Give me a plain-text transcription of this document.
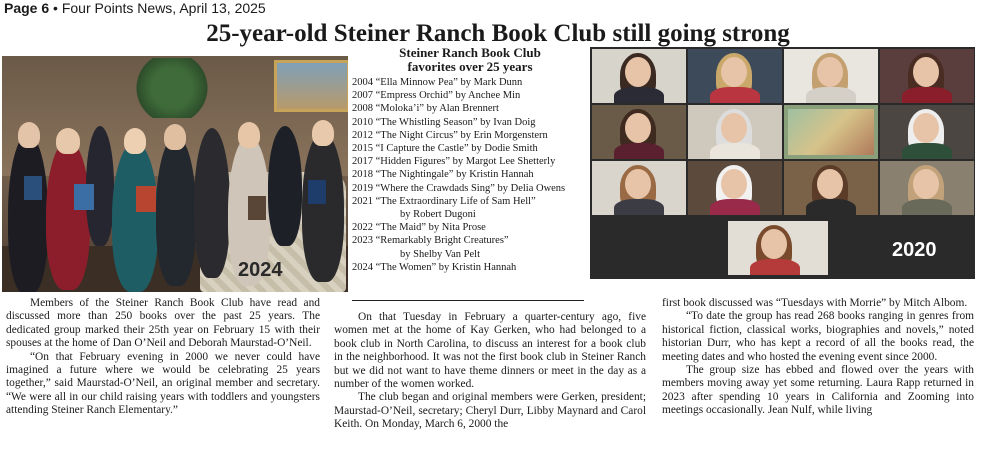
Page 6 • Four Points News, April 13, 2025
25-year-old Steiner Ranch Book Club still going strong
2024
2020
Steiner Ranch Book Club
favorites over 25 years
2004 “Ella Minnow Pea” by Mark Dunn
2007 “Empress Orchid” by Anchee Min
2008 “Moloka’i” by Alan Brennert
2010 “The Whistling Season” by Ivan Doig
2012 “The Night Circus” by Erin Morgenstern
2015 “I Capture the Castle” by Dodie Smith
2017 “Hidden Figures” by Margot Lee Shetterly
2018 “The Nightingale” by Kristin Hannah
2019 “Where the Crawdads Sing” by Delia Owens
2021 “The Extraordinary Life of Sam Hell”
by Robert Dugoni
2022 “The Maid” by Nita Prose
2023 “Remarkably Bright Creatures”
by Shelby Van Pelt
2024 “The Women” by Kristin Hannah

Members of the Steiner Ranch Book Club have read and discussed more than 250 books over the past 25 years. The dedicated group marked their 25th year on February 15 with their spouses at the home of Dan O’Neil and Deborah Maurstad-O’Neil.

“On that February evening in 2000 we never could have imagined a future where we would be celebrating 25 years together,” said Maurstad-O’Neil, an original member and secretary. “We were all in our child raising years with toddlers and youngsters attending Steiner Ranch Elementary.”

On that Tuesday in February a quarter-century ago, five women met at the home of Kay Gerken, who had belonged to a book club in North Carolina, to discuss an interest for a book club in the neighborhood. It was not the first book club in Steiner Ranch but we did not want to have theme dinners or meet in the day as a number of the women worked.

The club began and original members were Gerken, president; Maurstad-O’Neil, secretary; Cheryl Durr, Libby Maynard and Carol Keith. On Monday, March 6, 2000 the

first book discussed was “Tuesdays with Morrie” by Mitch Albom.

“To date the group has read 268 books ranging in genres from historical fiction, classical works, biographies and novels,” noted historian Durr, who has kept a record of all the books read, the meeting dates and who hosted the evening event since 2000.

The group size has ebbed and flowed over the years with members moving away yet some returning. Laura Rapp returned in 2023 after spending 10 years in California and Zooming into meetings occasionally. Jean Nulf, while living
